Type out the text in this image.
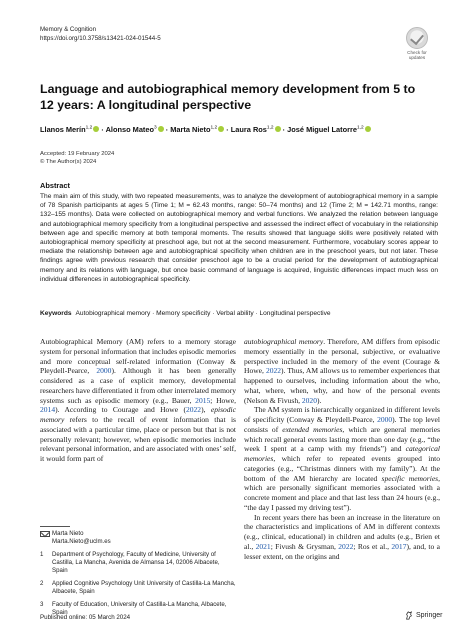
Memory & Cognition
https://doi.org/10.3758/s13421-024-01544-5
Check for
updates
Language and autobiographical memory development from 5 to 12 years: A longitudinal perspective
Llanos Merín$^{1,2}$ · Alonso Mateo$^3$ · Marta Nieto$^{1,2}$ · Laura Ros$^{1,2}$ · José Miguel Latorre$^{1,2}$
Accepted: 19 February 2024
© The Author(s) 2024
Abstract

The main aim of this study, with two repeated measurements, was to analyze the development of autobiographical memory in a sample of 78 Spanish participants at ages 5 (Time 1; M = 62.43 months, range: 50–74 months) and 12 (Time 2; M = 142.71 months, range: 132–155 months). Data were collected on autobiographical memory and verbal functions. We analyzed the relation between language and autobiographical memory specificity from a longitudinal perspective and assessed the indirect effect of vocabulary in the relationship between age and specific memory at both temporal moments. The results showed that language skills were positively related with autobiographical memory specificity at preschool age, but not at the second measurement. Furthermore, vocabulary scores appear to mediate the relationship between age and autobiographical specificity when children are in the preschool years, but not later. These findings agree with previous research that consider preschool age to be a crucial period for the development of autobiographical memory and its relations with language, but once basic command of language is acquired, linguistic differences impact much less on individual differences in autobiographical specificity.

Keywords Autobiographical memory · Memory specificity · Verbal ability · Longitudinal perspective

Autobiographical Memory (AM) refers to a memory storage system for personal information that includes episodic memories and more conceptual self-related information (Conway & Pleydell-Pearce, 2000). Although it has been generally considered as a case of explicit memory, developmental researchers have differentiated it from other interrelated memory systems such as episodic memory (e.g., Bauer, 2015; Howe, 2014). According to Courage and Howe (2022), episodic memory refers to the recall of event information that is associated with a particular time, place or person but that is not personally relevant; however, when episodic memories include relevant personal information, and are associated with ones’ self, it would form part of

autobiographical memory. Therefore, AM differs from episodic memory essentially in the personal, subjective, or evaluative perspective included in the memory of the event (Courage & Howe, 2022). Thus, AM allows us to remember experiences that happened to ourselves, including information about the who, what, where, when, why, and how of the personal events (Nelson & Fivush, 2020).

The AM system is hierarchically organized in different levels of specificity (Conway & Pleydell-Pearce, 2000). The top level consists of extended memories, which are general memories which recall general events lasting more than one day (e.g., “the week I spent at a camp with my friends”) and categorical memories, which refer to repeated events grouped into categories (e.g., “Christmas dinners with my family”). At the bottom of the AM hierarchy are located specific memories, which are personally significant memories associated with a concrete moment and place and that last less than 24 hours (e.g., “the day I passed my driving test”).

In recent years there has been an increase in the literature on the characteristics and implications of AM in different contexts (e.g., clinical, educational) in children and adults (e.g., Brien et al., 2021; Fivush & Grysman, 2022; Ros et al., 2017), and, to a lesser extent, on the origins and

Marta Nieto
Marta.Nieto@uclm.es
1	Department of Psychology, Faculty of Medicine, University of Castilla, La Mancha, Avenida de Almansa 14, 02006 Albacete, Spain
2	Applied Cognitive Psychology Unit University of Castilla-La Mancha, Albacete, Spain
3	Faculty of Education, University of Castilla-La Mancha, Albacete, Spain
Published online: 05 March 2024	Springer
